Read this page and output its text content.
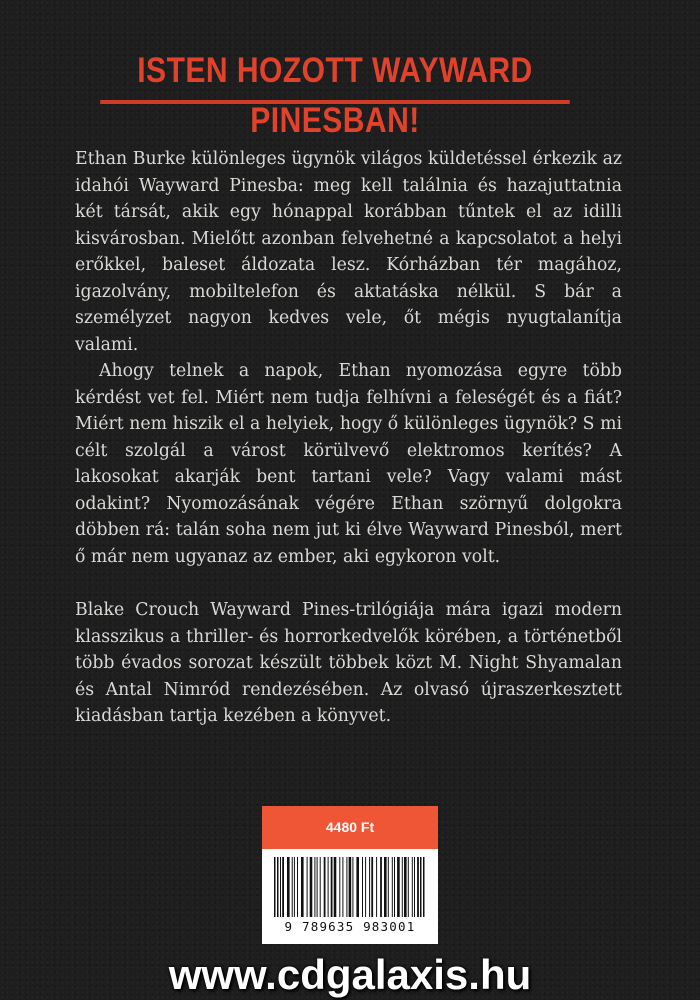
ISTEN HOZOTT WAYWARD PINESBAN!

Ethan Burke különleges ügynök világos küldetéssel érkezik az idahói Wayward Pinesba: meg kell találnia és hazajuttatnia két társát, akik egy hónappal korábban tűntek el az idilli kisvárosban. Mielőtt azonban felvehetné a kapcsolatot a helyi erőkkel, baleset áldozata lesz. Kórházban tér magához, igazolvány, mobiltelefon és aktatáska nélkül. S bár a személyzet nagyon kedves vele, őt mégis nyugtalanítja valami.

Ahogy telnek a napok, Ethan nyomozása egyre több kérdést vet fel. Miért nem tudja felhívni a feleségét és a fiát? Miért nem hiszik el a helyiek, hogy ő különleges ügynök? S mi célt szolgál a várost körülvevő elektromos kerítés? A lakosokat akarják bent tartani vele? Vagy valami mást odakint? Nyomozásának végére Ethan szörnyű dolgokra döbben rá: talán soha nem jut ki élve Wayward Pinesból, mert ő már nem ugyanaz az ember, aki egykoron volt.

Blake Crouch Wayward Pines-trilógiája mára igazi modern klasszikus a thriller- és horrorkedvelők körében, a történetből több évados sorozat készült többek közt M. Night Shyamalan és Antal Nimród rendezésében. Az olvasó újraszerkesztett kiadásban tartja kezében a könyvet.

4480 Ft
9 789635 983001
www.cdgalaxis.hu
